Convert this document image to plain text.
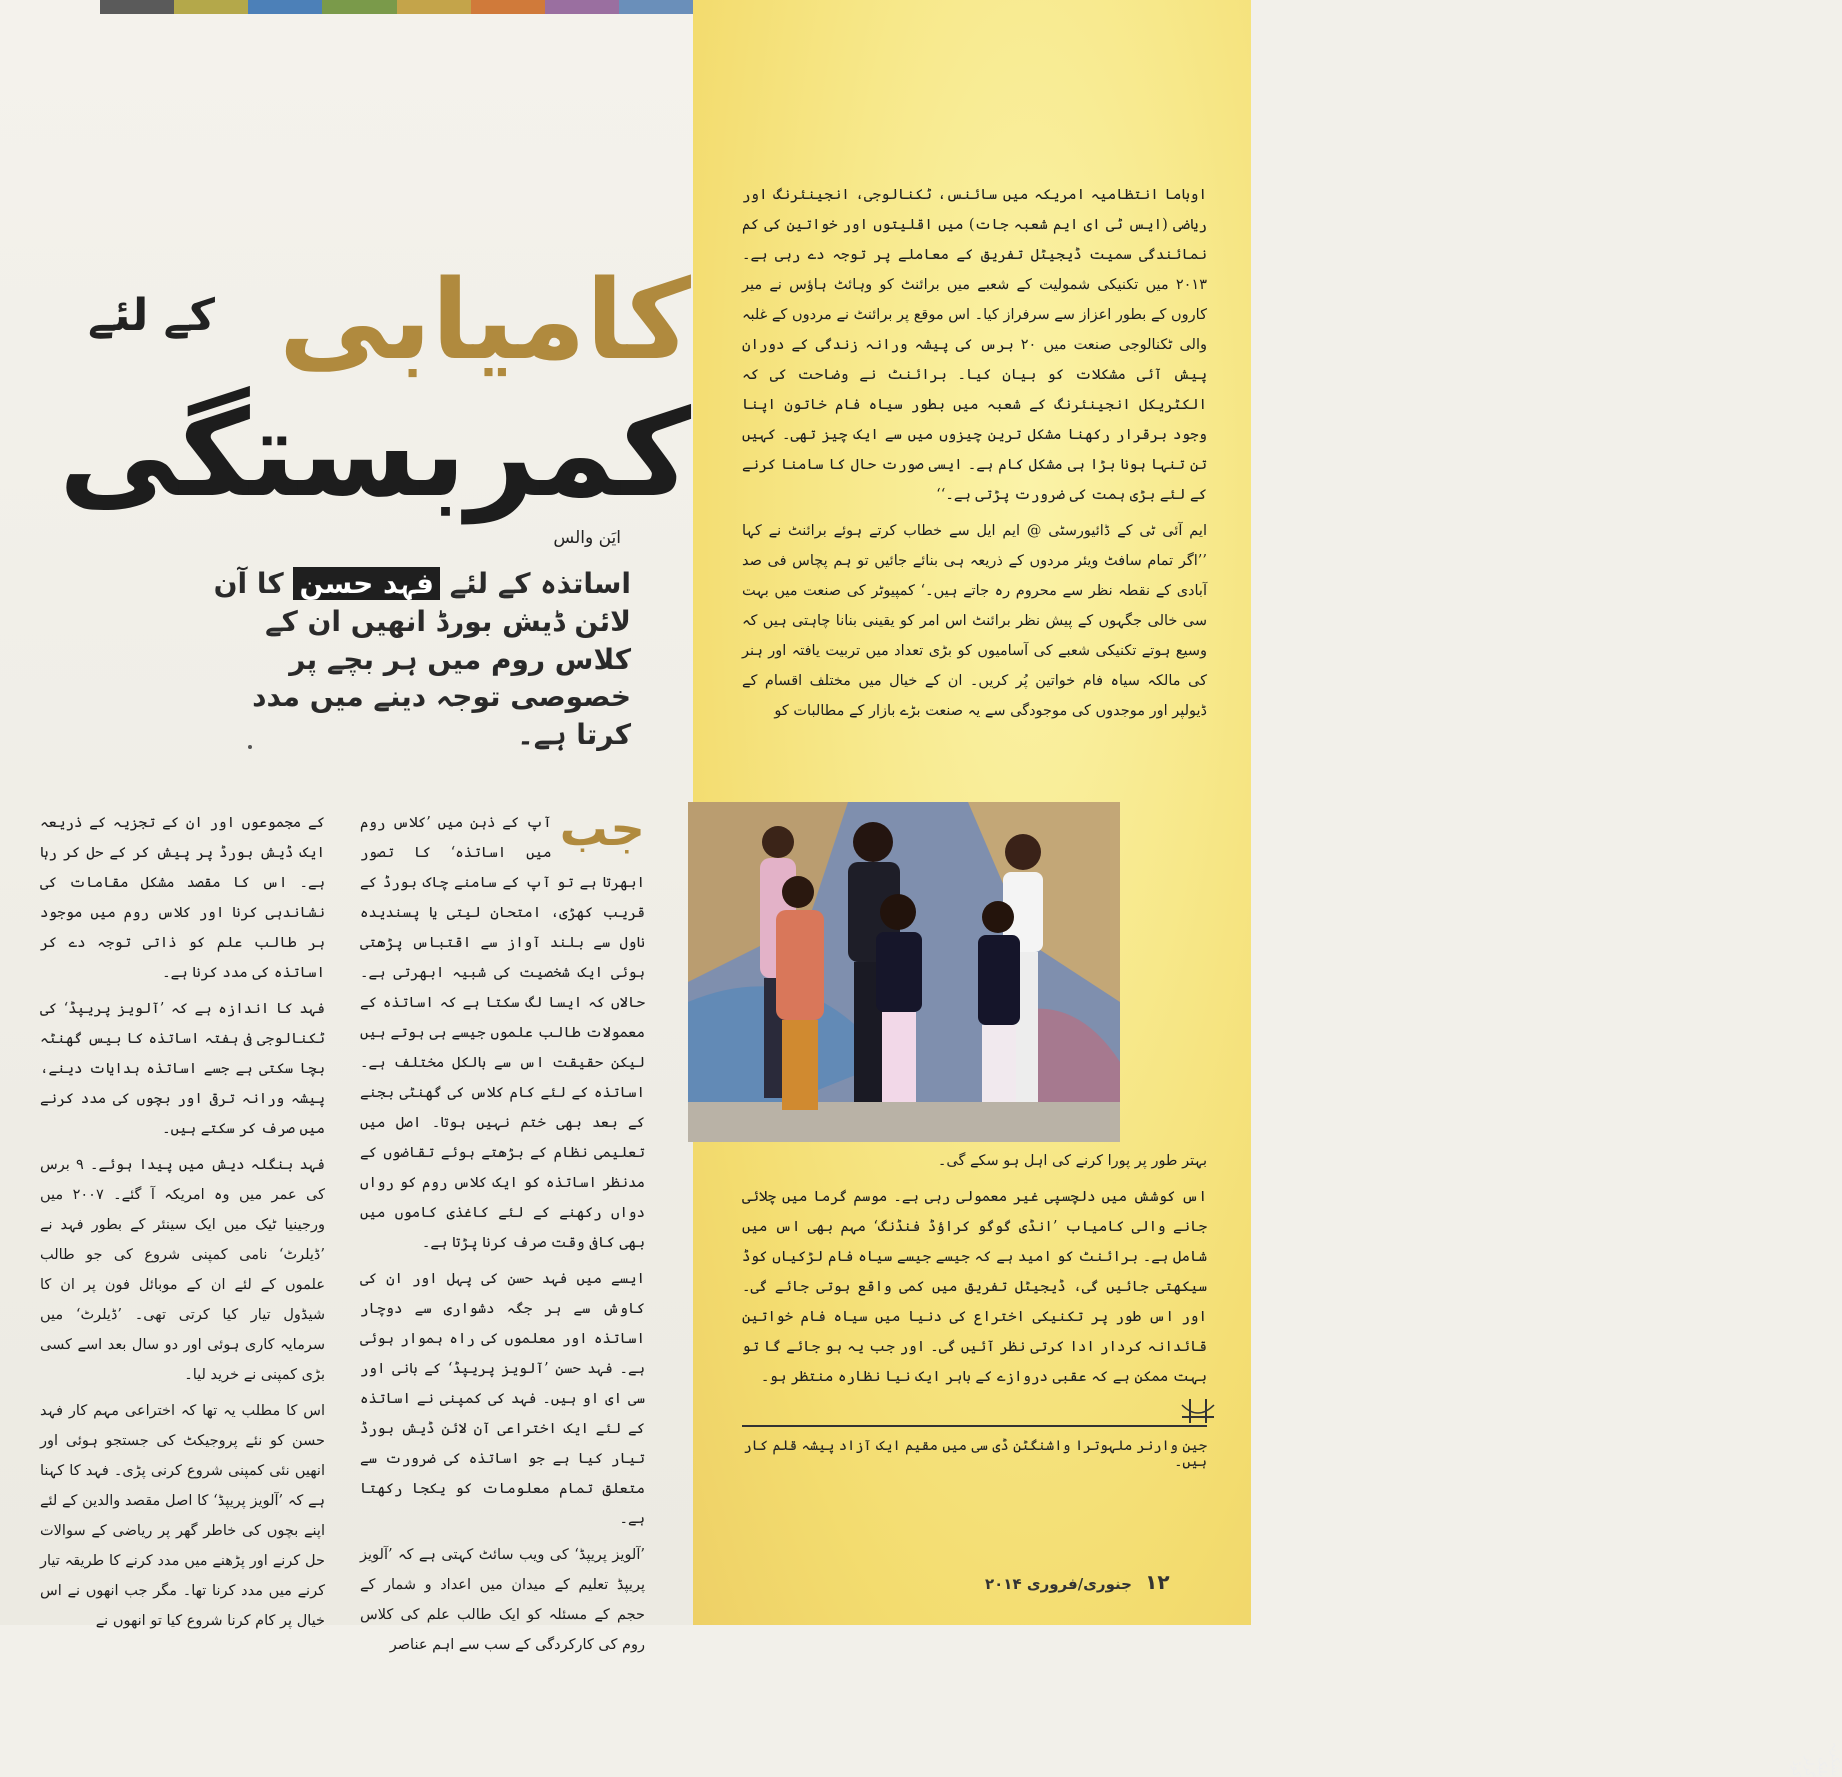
کامیابی
کے لئے
کمربستگی
ایَن والس
اساتذہ کے لئے فہد حسن کا آن لائن ڈیش بورڈ انھیں ان کے کلاس روم میں ہر بچے پر خصوصی توجہ دینے میں مدد کرتا ہے۔

اوباما انتظامیہ امریکہ میں سائنس، ٹکنالوجی، انجینئرنگ اور ریاضی (ایس ٹی ای ایم شعبہ جات) میں اقلیتوں اور خواتین کی کم نمائندگی سمیت ڈیجیٹل تفریق کے معاملے پر توجہ دے رہی ہے۔ ۲۰۱۳ میں تکنیکی شمولیت کے شعبے میں برائنٹ کو وہائٹ ہاؤس نے میر کاروں کے بطور اعزاز سے سرفراز کیا۔ اس موقع پر برائنٹ نے مردوں کے غلبہ والی ٹکنالوجی صنعت میں ۲۰ برس کی پیشہ ورانہ زندگی کے دوران پیش آئی مشکلات کو بیان کیا۔ برائنٹ نے وضاحت کی کہ الکٹریکل انجینئرنگ کے شعبہ میں بطور سیاہ فام خاتون اپنا وجود برقرار رکھنا مشکل ترین چیزوں میں سے ایک چیز تھی۔ کہیں تن تنہا ہونا بڑا ہی مشکل کام ہے۔ ایسی صورت حال کا سامنا کرنے کے لئے بڑی ہمت کی ضرورت پڑتی ہے۔‘‘

ایم آئی ٹی کے ڈائیورسٹی @ ایم ایل سے خطاب کرتے ہوئے برائنٹ نے کہا ’’اگر تمام سافٹ ویئر مردوں کے ذریعہ ہی بنائے جائیں تو ہم پچاس فی صد آبادی کے نقطہ نظر سے محروم رہ جاتے ہیں۔‘ کمپیوٹر کی صنعت میں بہت سی خالی جگہوں کے پیش نظر برائنٹ اس امر کو یقینی بنانا چاہتی ہیں کہ وسیع ہوتے تکنیکی شعبے کی آسامیوں کو بڑی تعداد میں تربیت یافتہ اور ہنر کی مالکہ سیاہ فام خواتین پُر کریں۔ ان کے خیال میں مختلف اقسام کے ڈیولپر اور موجدوں کی موجودگی سے یہ صنعت بڑے بازار کے مطالبات کو

جب

آپ کے ذہن میں ’کلاس روم میں اساتذہ‘ کا تصور ابھرتا ہے تو آپ کے سامنے چاک بورڈ کے قریب کھڑی، امتحان لیتی یا پسندیدہ ناول سے بلند آواز سے اقتباس پڑھتی ہوئی ایک شخصیت کی شبیہ ابھرتی ہے۔ حالاں کہ ایسا لگ سکتا ہے کہ اساتذہ کے معمولات طالب علموں جیسے ہی ہوتے ہیں لیکن حقیقت اس سے بالکل مختلف ہے۔ اساتذہ کے لئے کام کلاس کی گھنٹی بجنے کے بعد بھی ختم نہیں ہوتا۔ اصل میں تعلیمی نظام کے بڑھتے ہوئے تقاضوں کے مدنظر اساتذہ کو ایک کلاس روم کو رواں دواں رکھنے کے لئے کاغذی کاموں میں بھی کافی وقت صرف کرنا پڑتا ہے۔

ایسے میں فہد حسن کی پہل اور ان کی کاوش سے ہر جگہ دشواری سے دوچار اساتذہ اور معلموں کی راہ ہموار ہوئی ہے۔ فہد حسن ’آلویز پریپڈ‘ کے بانی اور سی ای او ہیں۔ فہد کی کمپنی نے اساتذہ کے لئے ایک اختراعی آن لائن ڈیش بورڈ تیار کیا ہے جو اساتذہ کی ضرورت سے متعلق تمام معلومات کو یکجا رکھتا ہے۔

’آلویز پریپڈ‘ کی ویب سائٹ کہتی ہے کہ ’آلویز پریپڈ تعلیم کے میدان میں اعداد و شمار کے حجم کے مسئلہ کو ایک طالب علم کی کلاس روم کی کارکردگی کے سب سے اہم عناصر

کے مجموعوں اور ان کے تجزیہ کے ذریعہ ایک ڈیش بورڈ پر پیش کر کے حل کر رہا ہے۔ اس کا مقصد مشکل مقامات کی نشاندہی کرنا اور کلاس روم میں موجود ہر طالب علم کو ذاتی توجہ دے کر اساتذہ کی مدد کرنا ہے۔

فہد کا اندازہ ہے کہ ’آلویز پریپڈ‘ کی ٹکنالوجی فی ہفتہ اساتذہ کا بیس گھنٹہ بچا سکتی ہے جسے اساتذہ ہدایات دینے، پیشہ ورانہ ترقی اور بچوں کی مدد کرنے میں صرف کر سکتے ہیں۔

فہد بنگلہ دیش میں پیدا ہوئے۔ ۹ برس کی عمر میں وہ امریکہ آ گئے۔ ۲۰۰۷ میں ورجینیا ٹیک میں ایک سینئر کے بطور فہد نے ’ڈیلرٹ‘ نامی کمپنی شروع کی جو طالب علموں کے لئے ان کے موبائل فون پر ان کا شیڈول تیار کیا کرتی تھی۔ ’ڈیلرٹ‘ میں سرمایہ کاری ہوئی اور دو سال بعد اسے کسی بڑی کمپنی نے خرید لیا۔

اس کا مطلب یہ تھا کہ اختراعی مہم کار فہد حسن کو نئے پروجیکٹ کی جستجو ہوئی اور انھیں نئی کمپنی شروع کرنی پڑی۔ فہد کا کہنا ہے کہ ’آلویز پریپڈ‘ کا اصل مقصد والدین کے لئے اپنے بچوں کی خاطر گھر پر ریاضی کے سوالات حل کرنے اور پڑھنے میں مدد کرنے کا طریقہ تیار کرنے میں مدد کرنا تھا۔ مگر جب انھوں نے اس خیال پر کام کرنا شروع کیا تو انھوں نے

بشکریہ بلیک گرلز کوڈ

بہتر طور پر پورا کرنے کی اہل ہو سکے گی۔

اس کوشش میں دلچسپی غیر معمولی رہی ہے۔ موسم گرما میں چلائی جانے والی کامیاب ’انڈی گوگو کراؤڈ فنڈنگ‘ مہم بھی اس میں شامل ہے۔ برائنٹ کو امید ہے کہ جیسے جیسے سیاہ فام لڑکیاں کوڈ سیکھتی جائیں گی، ڈیجیٹل تفریق میں کمی واقع ہوتی جائے گی۔ اور اس طور پر تکنیکی اختراع کی دنیا میں سیاہ فام خواتین قائدانہ کردار ادا کرتی نظر آئیں گی۔ اور جب یہ ہو جائے گا تو بہت ممکن ہے کہ عقبی دروازے کے باہر ایک نیا نظارہ منتظر ہو۔

جین وارنر ملہوترا واشنگٹن ڈی سی میں مقیم ایک آزاد پیشہ قلم کار ہیں۔
۱۲ جنوری/فروری ۲۰۱۴
